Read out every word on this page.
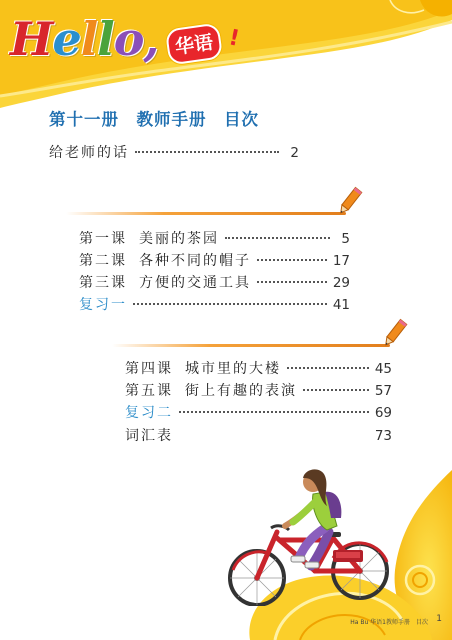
Hello, 华语 !
第十一册　教师手册　目次
给老师的话	2
第一课 美丽的茶园	5
第二课 各种不同的帽子	17
第三课 方便的交通工具	29
复习一	41
第四课 城市里的大楼	45
第五课 街上有趣的表演	57
复习二	69
词汇表	73
Ha Bu 华语1教师手册　目次 1
